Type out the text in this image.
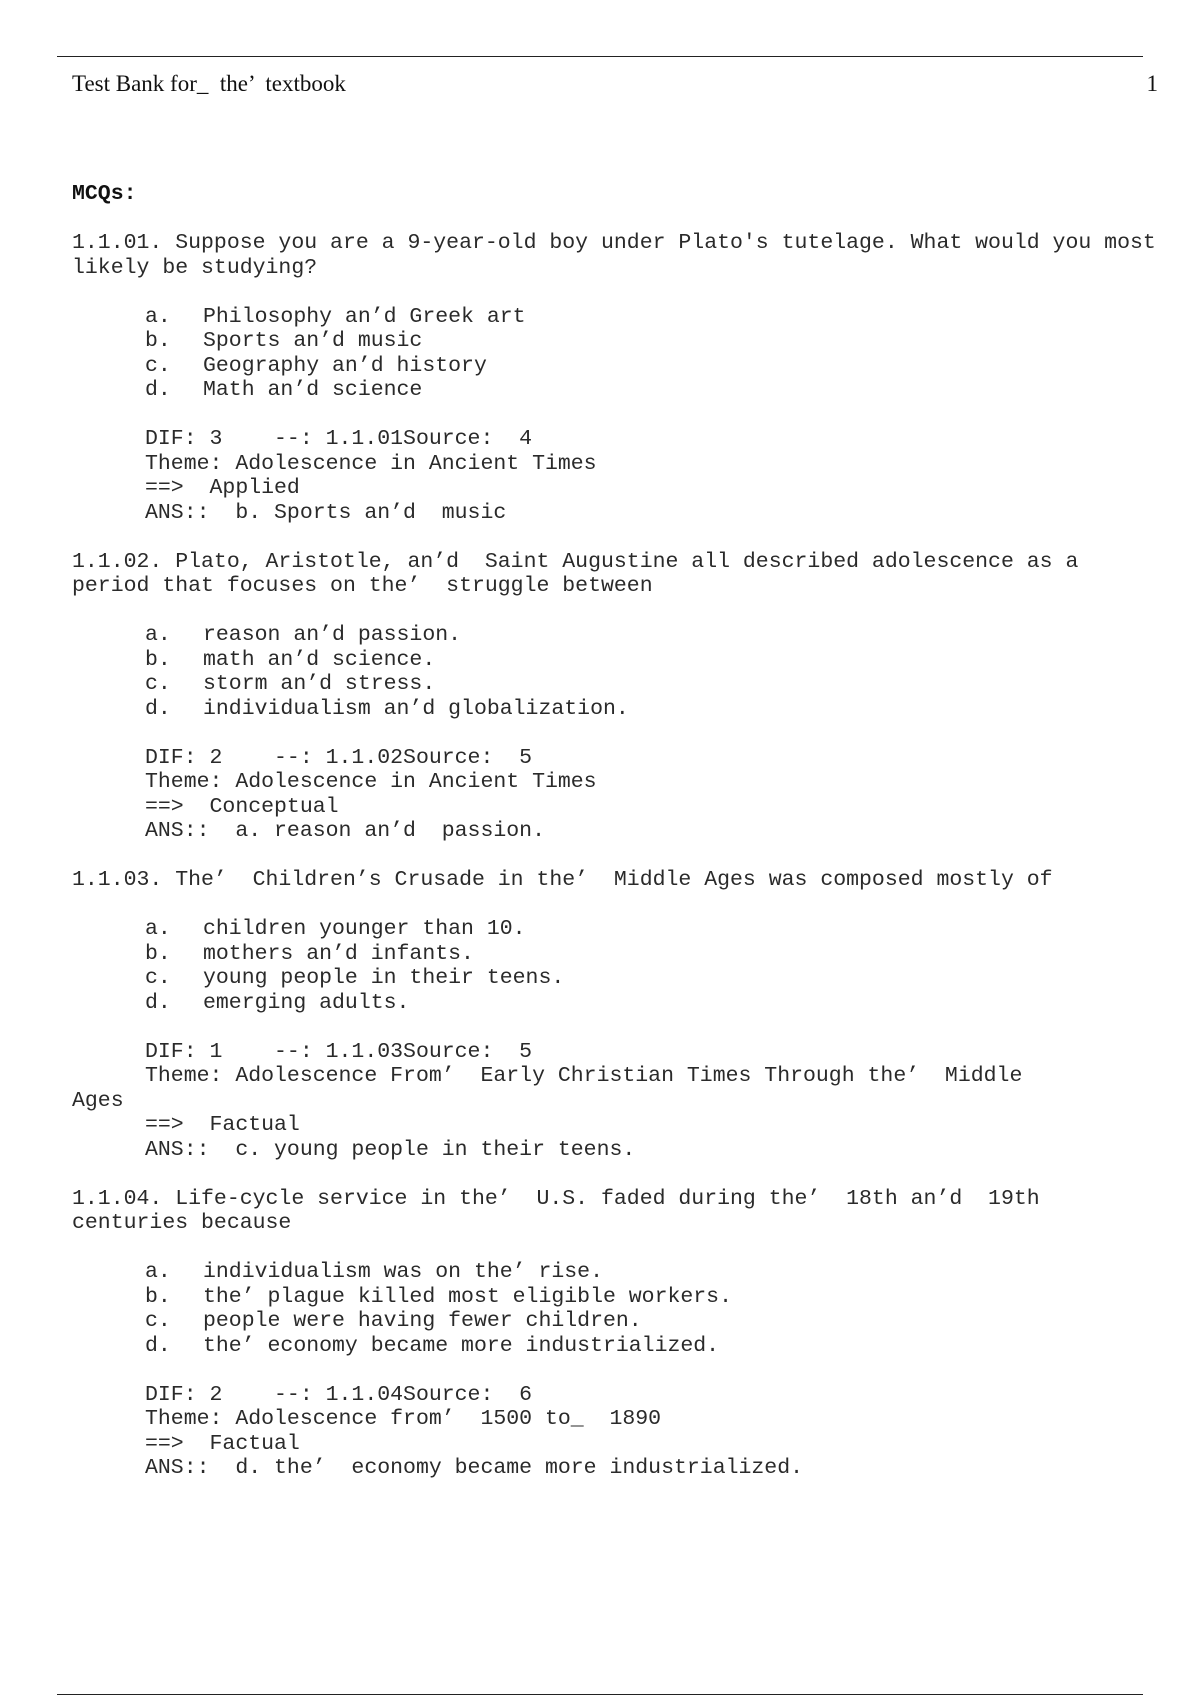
Test Bank for_  the’  textbook	1

MCQs:

1.1.01. Suppose you are a 9-year-old boy under Plato's tutelage. What would you most likely be studying?

a.	Philosophy an’d Greek art
b.	Sports an’d music
c.	Geography an’d history
d.	Math an’d science

DIF: 3    --: 1.1.01Source:  4

Theme: Adolescence in Ancient Times

==>  Applied

ANS::  b. Sports an’d  music

1.1.02. Plato, Aristotle, an’d  Saint Augustine all described adolescence as a period that focuses on the’  struggle between

a.	reason an’d passion.
b.	math an’d science.
c.	storm an’d stress.
d.	individualism an’d globalization.

DIF: 2    --: 1.1.02Source:  5

Theme: Adolescence in Ancient Times

==>  Conceptual

ANS::  a. reason an’d  passion.

1.1.03. The’  Children’s Crusade in the’  Middle Ages was composed mostly of

a.	children younger than 10.
b.	mothers an’d infants.
c.	young people in their teens.
d.	emerging adults.

DIF: 1    --: 1.1.03Source:  5

Theme: Adolescence From’  Early Christian Times Through the’  Middle

Ages

==>  Factual

ANS::  c. young people in their teens.

1.1.04. Life-cycle service in the’  U.S. faded during the’  18th an’d  19th centuries because

a.	individualism was on the’ rise.
b.	the’ plague killed most eligible workers.
c.	people were having fewer children.
d.	the’ economy became more industrialized.

DIF: 2    --: 1.1.04Source:  6

Theme: Adolescence from’  1500 to_  1890

==>  Factual

ANS::  d. the’  economy became more industrialized.
